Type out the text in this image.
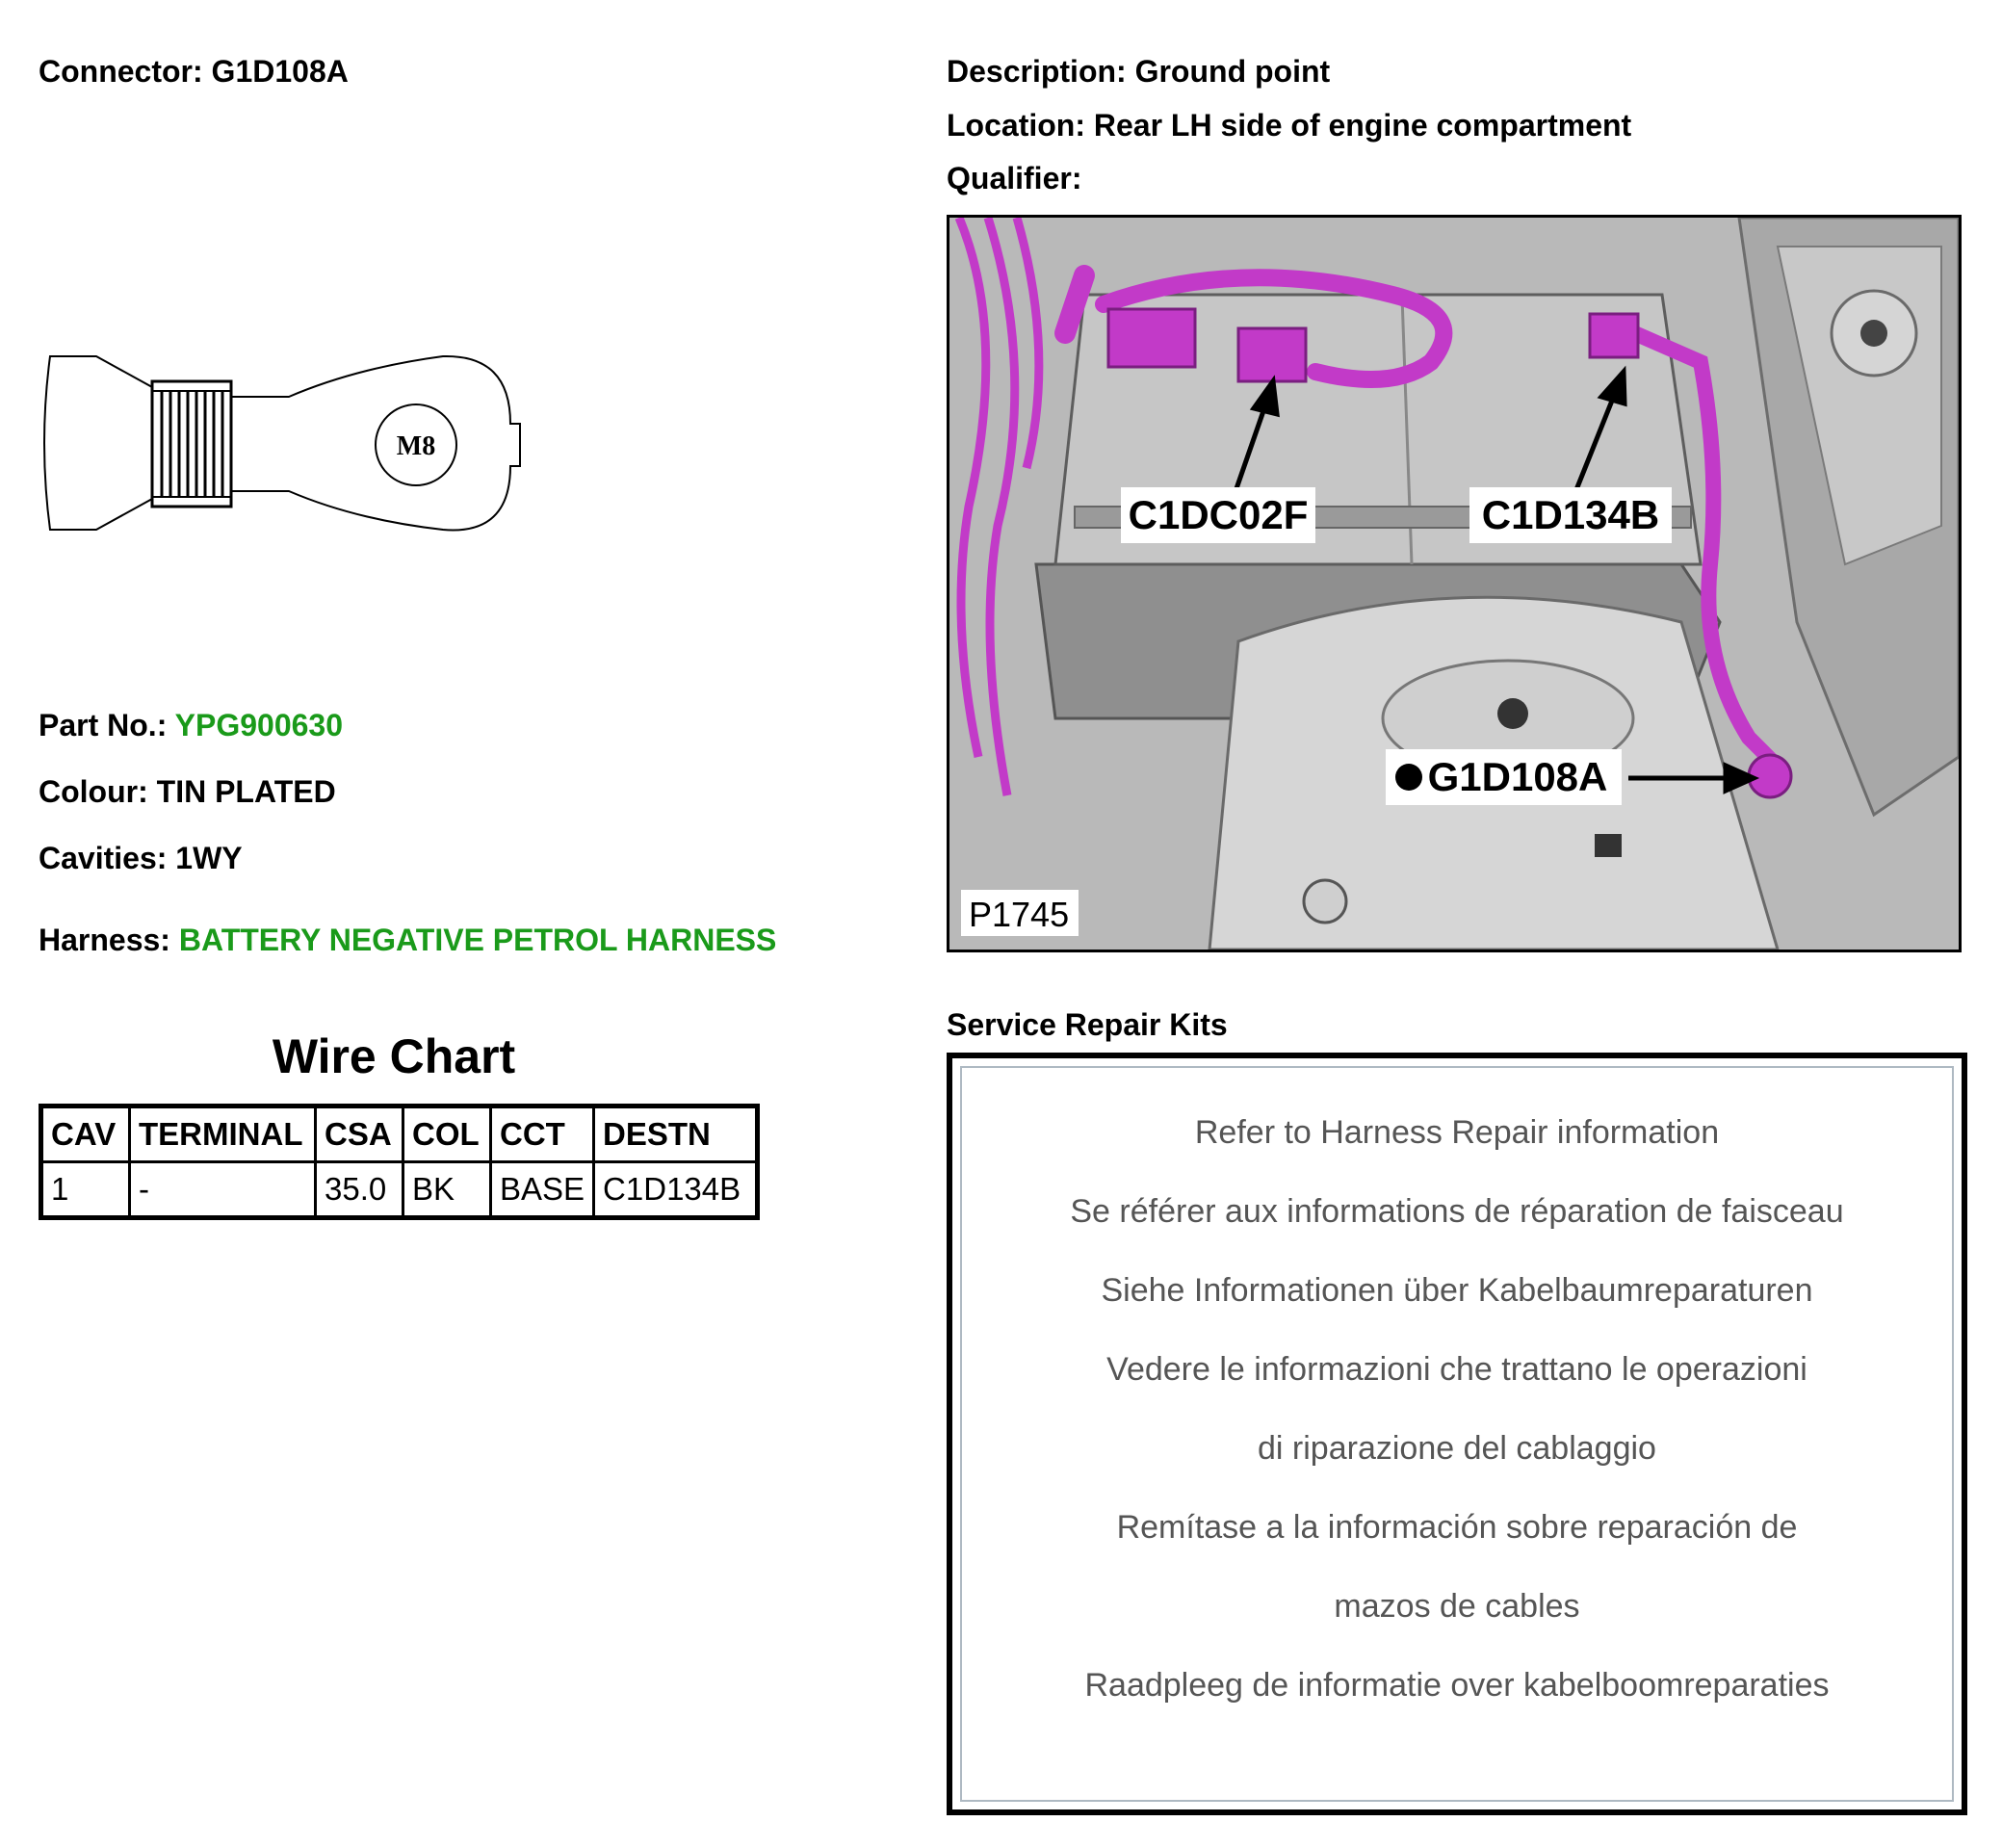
Connector: G1D108A	Description: Ground point
Location: Rear LH side of engine compartment
Qualifier:
M8
Part No.: YPG900630
Colour: TIN PLATED
Cavities: 1WY
Harness: BATTERY NEGATIVE PETROL HARNESS
Wire Chart
CAV	TERMINAL	CSA	COL	CCT	DESTN
1	-	35.0	BK	BASE	C1D134B
C1DC02F	C1D134B
G1D108A
P1745
Service Repair Kits
Refer to Harness Repair information
Se référer aux informations de réparation de faisceau
Siehe Informationen über Kabelbaumreparaturen
Vedere le informazioni che trattano le operazioni
di riparazione del cablaggio
Remítase a la información sobre reparación de
mazos de cables
Raadpleeg de informatie over kabelboomreparaties
